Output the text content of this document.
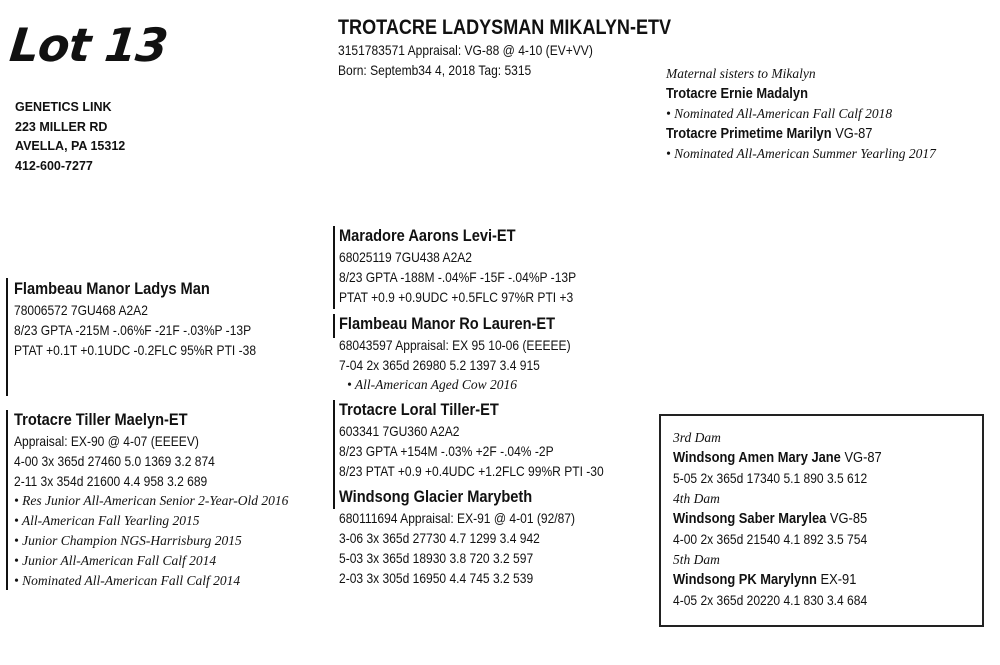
Lot 13
GENETICS LINK
223 MILLER RD
AVELLA, PA 15312
412-600-7277
TROTACRE LADYSMAN MIKALYN-ETV
3151783571 Appraisal: VG-88 @ 4-10 (EV+VV)
Born: Septemb34 4, 2018 Tag: 5315	Maternal sisters to Mikalyn
Trotacre Ernie Madalyn
• Nominated All-American Fall Calf 2018
Trotacre Primetime Marilyn VG-87
• Nominated All-American Summer Yearling 2017
Flambeau Manor Ladys Man
78006572 7GU468 A2A2
8/23 GPTA -215M -.06%F -21F -.03%P -13P
PTAT +0.1T +0.1UDC -0.2FLC 95%R PTI -38
Maradore Aarons Levi-ET
68025119 7GU438 A2A2
8/23 GPTA -188M -.04%F -15F -.04%P -13P
PTAT +0.9 +0.9UDC +0.5FLC 97%R PTI +3
Flambeau Manor Ro Lauren-ET
68043597 Appraisal: EX 95 10-06 (EEEEE)
7-04 2x 365d 26980 5.2 1397 3.4 915
• All-American Aged Cow 2016
Trotacre Tiller Maelyn-ET
Appraisal: EX-90 @ 4-07 (EEEEV)
4-00 3x 365d 27460 5.0 1369 3.2 874
2-11 3x 354d 21600 4.4 958 3.2 689
• Res Junior All-American Senior 2-Year-Old 2016
• All-American Fall Yearling 2015
• Junior Champion NGS-Harrisburg 2015
• Junior All-American Fall Calf 2014
• Nominated All-American Fall Calf 2014
Trotacre Loral Tiller-ET
603341 7GU360 A2A2
8/23 GPTA +154M -.03% +2F -.04% -2P
8/23 PTAT +0.9 +0.4UDC +1.2FLC 99%R PTI -30
Windsong Glacier Marybeth
680111694 Appraisal: EX-91 @ 4-01 (92/87)
3-06 3x 365d 27730 4.7 1299 3.4 942
5-03 3x 365d 18930 3.8 720 3.2 597
2-03 3x 305d 16950 4.4 745 3.2 539
3rd Dam
Windsong Amen Mary Jane VG-87
5-05 2x 365d 17340 5.1 890 3.5 612
4th Dam
Windsong Saber Marylea VG-85
4-00 2x 365d 21540 4.1 892 3.5 754
5th Dam
Windsong PK Marylynn EX-91
4-05 2x 365d 20220 4.1 830 3.4 684
